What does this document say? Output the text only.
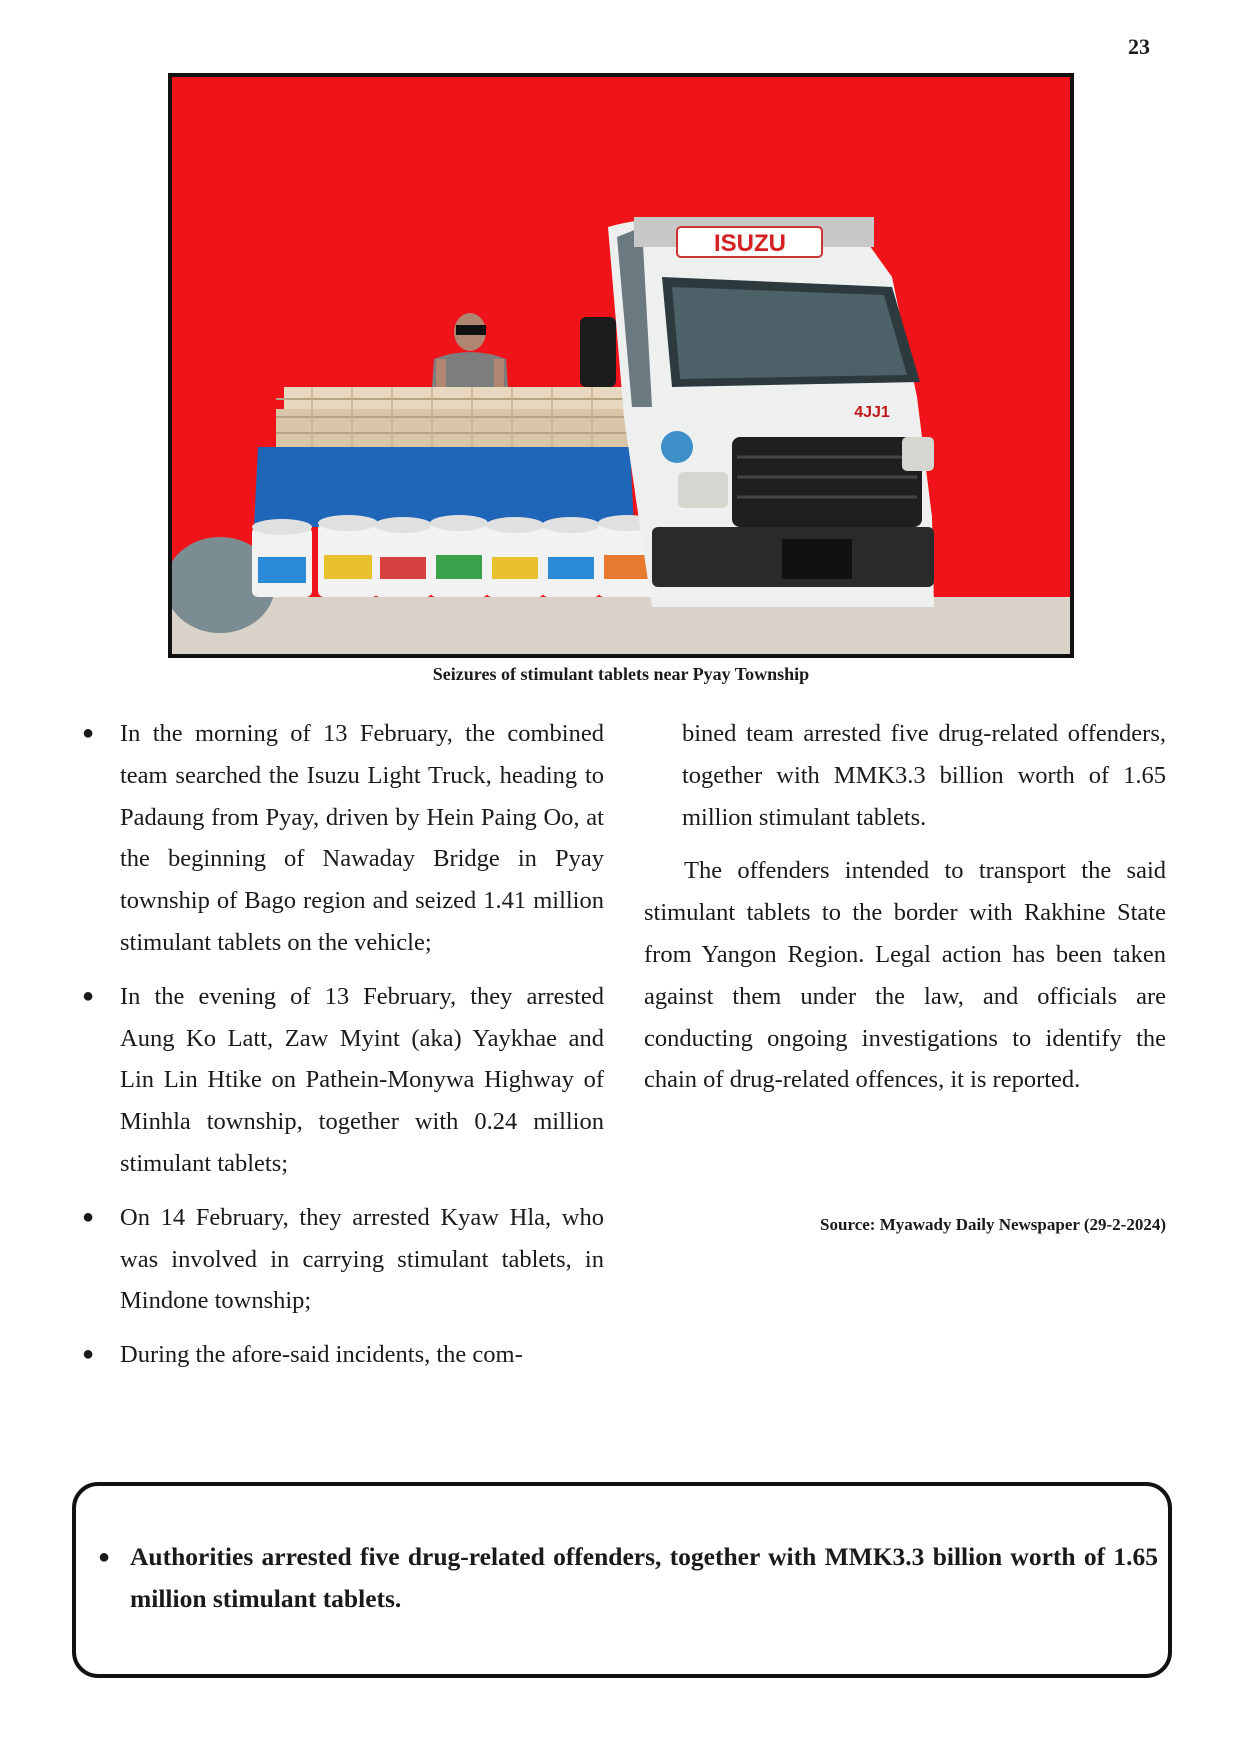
23
ISUZU
4JJ1
Seizures of stimulant tablets near Pyay Township
● In the morning of 13 February, the combined team searched the Isuzu Light Truck, heading to Padaung from Pyay, driven by Hein Paing Oo, at the beginning of Nawaday Bridge in Pyay township of Bago region and seized 1.41 million stimulant tablets on the vehicle;
● In the evening of 13 February, they arrested Aung Ko Latt, Zaw Myint (aka) Yaykhae and Lin Lin Htike on Pathein-Monywa Highway of Minhla township, together with 0.24 million stimulant tablets;
● On 14 February, they arrested Kyaw Hla, who was involved in carrying stimulant tablets, in Mindone township;
● During the afore-said incidents, the com-

bined team arrested five drug-related offenders, together with MMK3.3 billion worth of 1.65 million stimulant tablets.

The offenders intended to transport the said stimulant tablets to the border with Rakhine State from Yangon Region. Legal action has been taken against them under the law, and officials are conducting ongoing investigations to identify the chain of drug-related offences, it is reported.

Source: Myawady Daily Newspaper (29-2-2024)
● Authorities arrested five drug-related offenders, together with MMK3.3 billion worth of 1.65 million stimulant tablets.
